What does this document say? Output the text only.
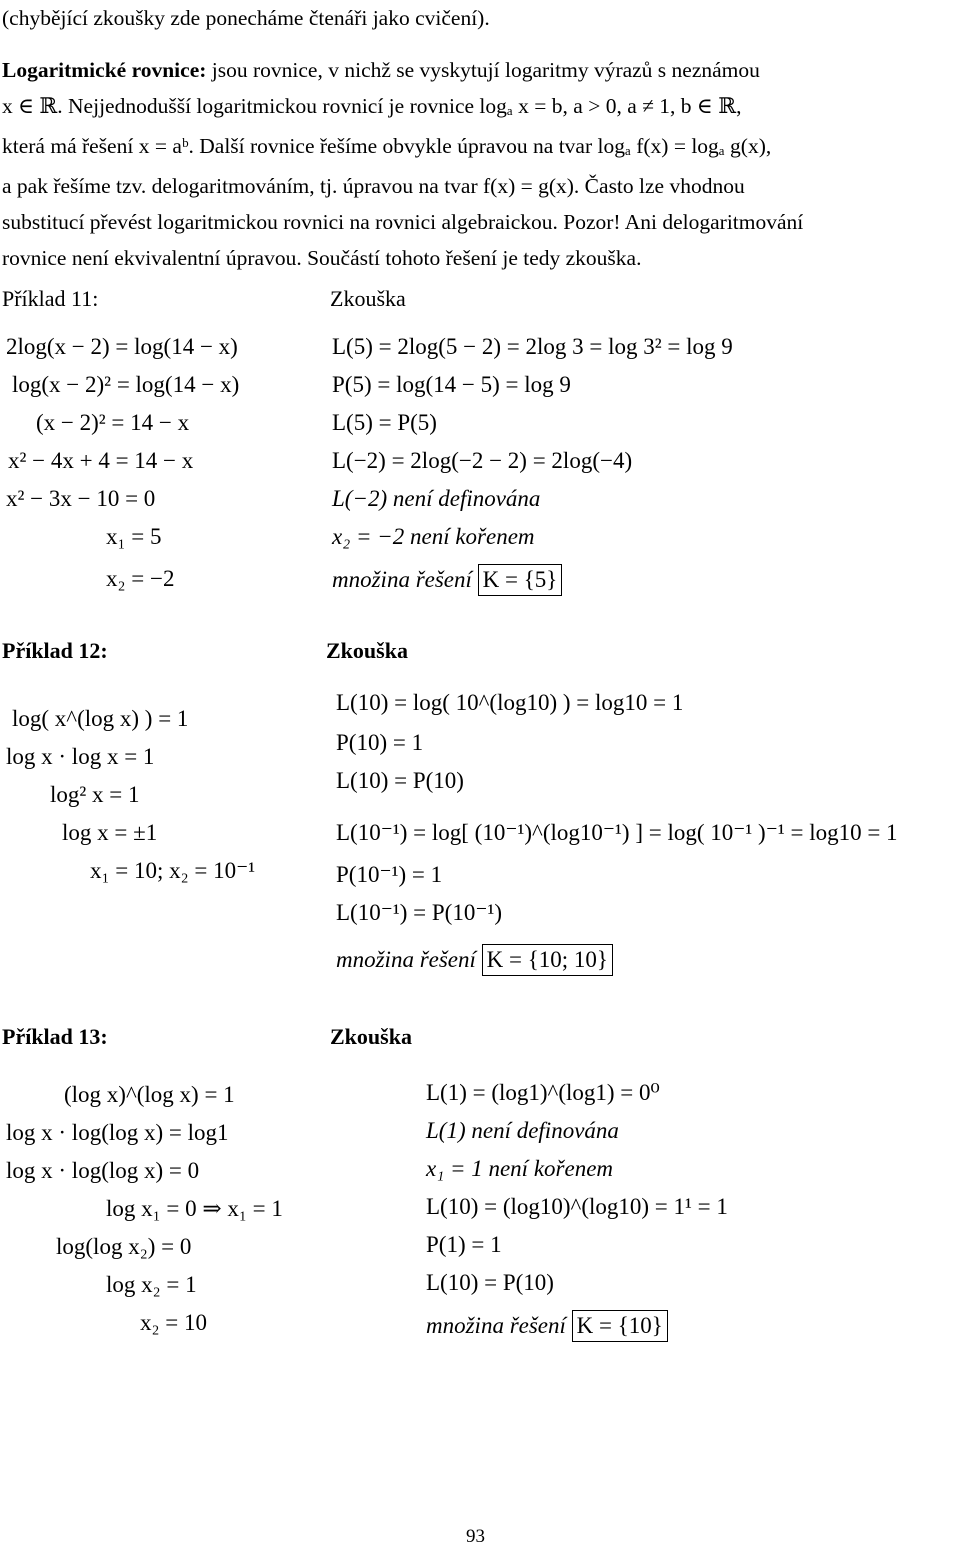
(chybějící zkoušky zde ponecháme čtenáři jako cvičení).

Logaritmické rovnice: jsou rovnice, v nichž se vyskytují logaritmy výrazů s neznámou

x ∈ ℝ. Nejjednodušší logaritmickou rovnicí je rovnice logₐ x = b, a > 0, a ≠ 1, b ∈ ℝ,

která má řešení x = aᵇ. Další rovnice řešíme obvykle úpravou na tvar logₐ f(x) = logₐ g(x),

a pak řešíme tzv. delogaritmováním, tj. úpravou na tvar f(x) = g(x). Často lze vhodnou

substitucí převést logaritmickou rovnici na rovnici algebraickou. Pozor! Ani delogaritmování

rovnice není ekvivalentní úpravou. Součástí tohoto řešení je tedy zkouška.

Příklad 11:	Zkouška
2log(x − 2) = log(14 − x)
log(x − 2)² = log(14 − x)
(x − 2)² = 14 − x
x² − 4x + 4 = 14 − x
x² − 3x − 10 = 0
x₁ = 5
x₂ = −2
L(5) = 2log(5 − 2) = 2log 3 = log 3² = log 9
P(5) = log(14 − 5) = log 9
L(5) = P(5)
L(−2) = 2log(−2 − 2) = 2log(−4)
L(−2) není definována
x₂ = −2 není kořenem
množina řešení K = {5}
Příklad 12:	Zkouška
log( x^(log x) ) = 1
log x · log x = 1
log² x = 1
log x = ±1
x₁ = 10; x₂ = 10⁻¹
L(10) = log( 10^(log10) ) = log10 = 1
P(10) = 1
L(10) = P(10)
L(10⁻¹) = log[ (10⁻¹)^(log10⁻¹) ] = log( 10⁻¹ )⁻¹ = log10 = 1
P(10⁻¹) = 1
L(10⁻¹) = P(10⁻¹)
množina řešení K = {10; 10}
Příklad 13:	Zkouška
(log x)^(log x) = 1
log x · log(log x) = log1
log x · log(log x) = 0
log x₁ = 0 ⇒ x₁ = 1
log(log x₂) = 0
log x₂ = 1
x₂ = 10
L(1) = (log1)^(log1) = 0⁰
L(1) není definována
x₁ = 1 není kořenem
L(10) = (log10)^(log10) = 1¹ = 1
P(1) = 1
L(10) = P(10)
množina řešení K = {10}
93
